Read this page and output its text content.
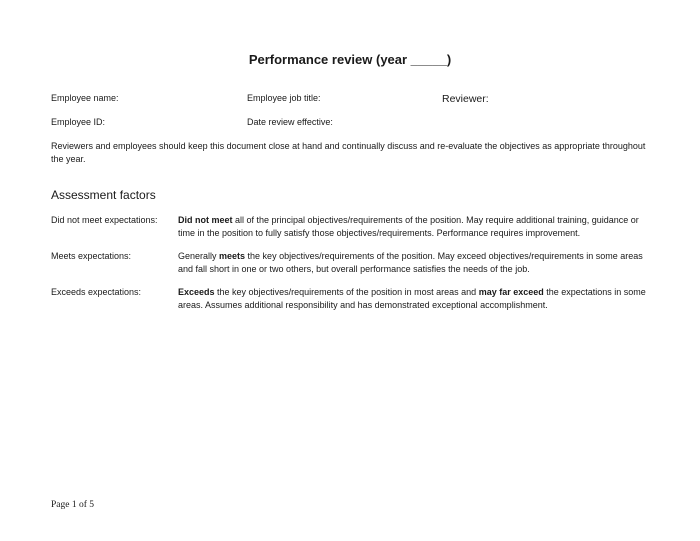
Performance review (year _____)
Employee name:	Employee job title:	Reviewer:
Employee ID:	Date review effective:
Reviewers and employees should keep this document close at hand and continually discuss and re-evaluate the objectives as appropriate throughout the year.
Assessment factors
Did not meet expectations:	Did not meet all of the principal objectives/requirements of the position. May require additional training, guidance or time in the position to fully satisfy those objectives/requirements. Performance requires improvement.
Meets expectations:	Generally meets the key objectives/requirements of the position. May exceed objectives/requirements in some areas and fall short in one or two others, but overall performance satisfies the needs of the job.
Exceeds expectations:	Exceeds the key objectives/requirements of the position in most areas and may far exceed the expectations in some areas. Assumes additional responsibility and has demonstrated exceptional accomplishment.
Page 1 of 5
